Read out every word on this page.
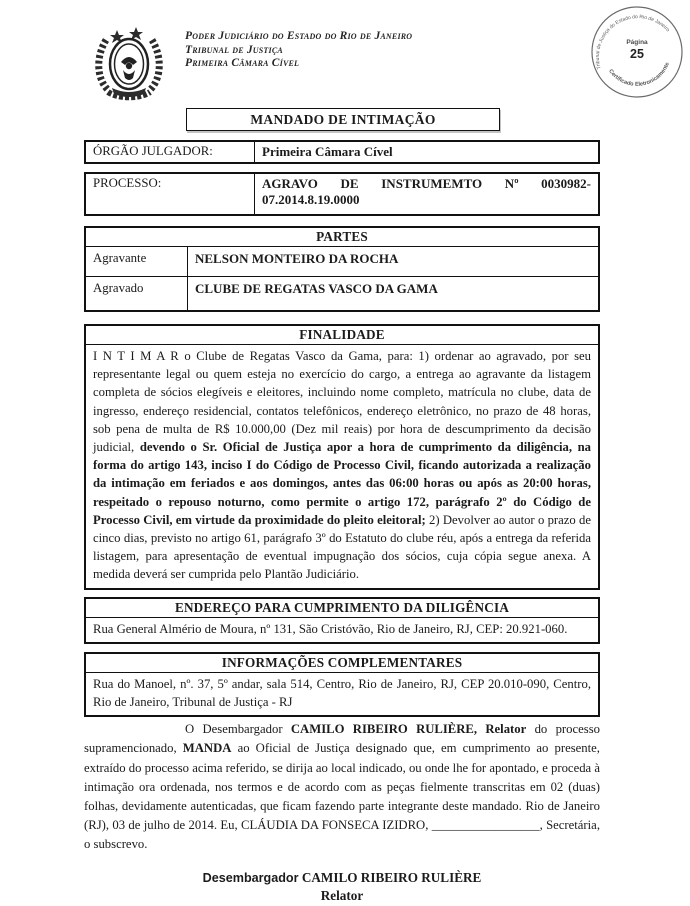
Poder Judiciário do Estado do Rio de Janeiro
Tribunal de Justiça
Primeira Câmara Cível	Tribunal de Justiça do Estado do Rio de Janeiro
Certificado Eletronicamente
Página
25
MANDADO DE INTIMAÇÃO
ÓRGÃO JULGADOR:	Primeira Câmara Cível
PROCESSO:	AGRAVO DE INSTRUMEMTO Nº 0030982-
07.2014.8.19.0000
PARTES
Agravante	NELSON MONTEIRO DA ROCHA
Agravado	CLUBE DE REGATAS VASCO DA GAMA
FINALIDADE
I N T I M A R o Clube de Regatas Vasco da Gama, para: 1) ordenar ao agravado, por seu representante legal ou quem esteja no exercício do cargo, a entrega ao agravante da listagem completa de sócios elegíveis e eleitores, incluindo nome completo, matrícula no clube, data de ingresso, endereço residencial, contatos telefônicos, endereço eletrônico, no prazo de 48 horas, sob pena de multa de R$ 10.000,00 (Dez mil reais) por hora de descumprimento da decisão judicial, devendo o Sr. Oficial de Justiça apor a hora de cumprimento da diligência, na forma do artigo 143, inciso I do Código de Processo Civil, ficando autorizada a realização da intimação em feriados e aos domingos, antes das 06:00 horas ou após as 20:00 horas, respeitado o repouso noturno, como permite o artigo 172, parágrafo 2º do Código de Processo Civil, em virtude da proximidade do pleito eleitoral; 2) Devolver ao autor o prazo de cinco dias, previsto no artigo 61, parágrafo 3º do Estatuto do clube réu, após a entrega da referida listagem, para apresentação de eventual impugnação dos sócios, cuja cópia segue anexa. A medida deverá ser cumprida pelo Plantão Judiciário.
ENDEREÇO PARA CUMPRIMENTO DA DILIGÊNCIA
Rua General Almério de Moura, nº 131, São Cristóvão, Rio de Janeiro, RJ, CEP: 20.921-060.
INFORMAÇÕES COMPLEMENTARES
Rua do Manoel, nº. 37, 5º andar, sala 514, Centro, Rio de Janeiro, RJ, CEP 20.010-090, Centro, Rio de Janeiro, Tribunal de Justiça - RJ
O Desembargador CAMILO RIBEIRO RULIÈRE, Relator do processo supramencionado, MANDA ao Oficial de Justiça designado que, em cumprimento ao presente, extraído do processo acima referido, se dirija ao local indicado, ou onde lhe for apontado, e proceda à intimação ora ordenada, nos termos e de acordo com as peças fielmente transcritas em 02 (duas) folhas, devidamente autenticadas, que ficam fazendo parte integrante deste mandado. Rio de Janeiro (RJ), 03 de julho de 2014. Eu, CLÁUDIA DA FONSECA IZIDRO, _________________, Secretária, o subscrevo.
Desembargador CAMILO RIBEIRO RULIÈRE
Relator
